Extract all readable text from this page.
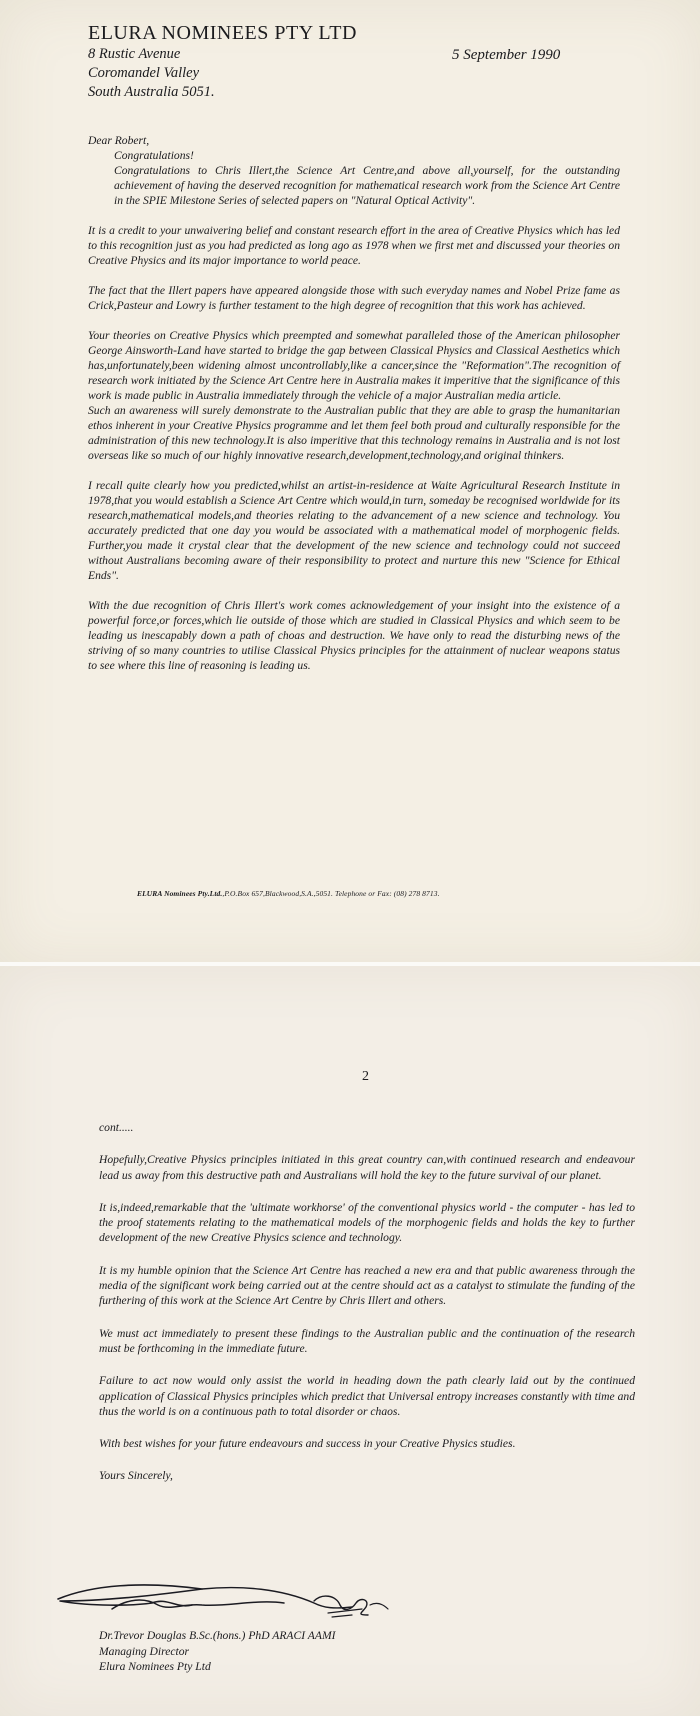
ELURA NOMINEES PTY LTD
8 Rustic Avenue
Coromandel Valley
South Australia 5051.
5 September 1990

Dear Robert,

Congratulations!

Congratulations to Chris Illert,the Science Art Centre,and above all,yourself, for the outstanding achievement of having the deserved recognition for mathematical research work from the Science Art Centre in the SPIE Milestone Series of selected papers on "Natural Optical Activity".

It is a credit to your unwaivering belief and constant research effort in the area of Creative Physics which has led to this recognition just as you had predicted as long ago as 1978 when we first met and discussed your theories on Creative Physics and its major importance to world peace.

The fact that the Illert papers have appeared alongside those with such everyday names and Nobel Prize fame as Crick,Pasteur and Lowry is further testament to the high degree of recognition that this work has achieved.

Your theories on Creative Physics which preempted and somewhat paralleled those of the American philosopher George Ainsworth-Land have started to bridge the gap between Classical Physics and Classical Aesthetics which has,unfortunately,been widening almost uncontrollably,like a cancer,since the "Reformation".The recognition of research work initiated by the Science Art Centre here in Australia makes it imperitive that the significance of this work is made public in Australia immediately through the vehicle of a major Australian media article.

Such an awareness will surely demonstrate to the Australian public that they are able to grasp the humanitarian ethos inherent in your Creative Physics programme and let them feel both proud and culturally responsible for the administration of this new technology.It is also imperitive that this technology remains in Australia and is not lost overseas like so much of our highly innovative research,development,technology,and original thinkers.

I recall quite clearly how you predicted,whilst an artist-in-residence at Waite Agricultural Research Institute in 1978,that you would establish a Science Art Centre which would,in turn, someday be recognised worldwide for its research,mathematical models,and theories relating to the advancement of a new science and technology. You accurately predicted that one day you would be associated with a mathematical model of morphogenic fields. Further,you made it crystal clear that the development of the new science and technology could not succeed without Australians becoming aware of their responsibility to protect and nurture this new "Science for Ethical Ends".

With the due recognition of Chris Illert's work comes acknowledgement of your insight into the existence of a powerful force,or forces,which lie outside of those which are studied in Classical Physics and which seem to be leading us inescapably down a path of choas and destruction. We have only to read the disturbing news of the striving of so many countries to utilise Classical Physics principles for the attainment of nuclear weapons status to see where this line of reasoning is leading us.

ELURA Nominees Pty.Ltd.,P.O.Box 657,Blackwood,S.A.,5051. Telephone or Fax: (08) 278 8713.
2

cont.....

Hopefully,Creative Physics principles initiated in this great country can,with continued research and endeavour lead us away from this destructive path and Australians will hold the key to the future survival of our planet.

It is,indeed,remarkable that the 'ultimate workhorse' of the conventional physics world - the computer - has led to the proof statements relating to the mathematical models of the morphogenic fields and holds the key to further development of the new Creative Physics science and technology.

It is my humble opinion that the Science Art Centre has reached a new era and that public awareness through the media of the significant work being carried out at the centre should act as a catalyst to stimulate the funding of the furthering of this work at the Science Art Centre by Chris Illert and others.

We must act immediately to present these findings to the Australian public and the continuation of the research must be forthcoming in the immediate future.

Failure to act now would only assist the world in heading down the path clearly laid out by the continued application of Classical Physics principles which predict that Universal entropy increases constantly with time and thus the world is on a continuous path to total disorder or chaos.

With best wishes for your future endeavours and success in your Creative Physics studies.

Yours Sincerely,

Dr.Trevor Douglas B.Sc.(hons.) PhD ARACI AAMI
Managing Director
Elura Nominees Pty Ltd
